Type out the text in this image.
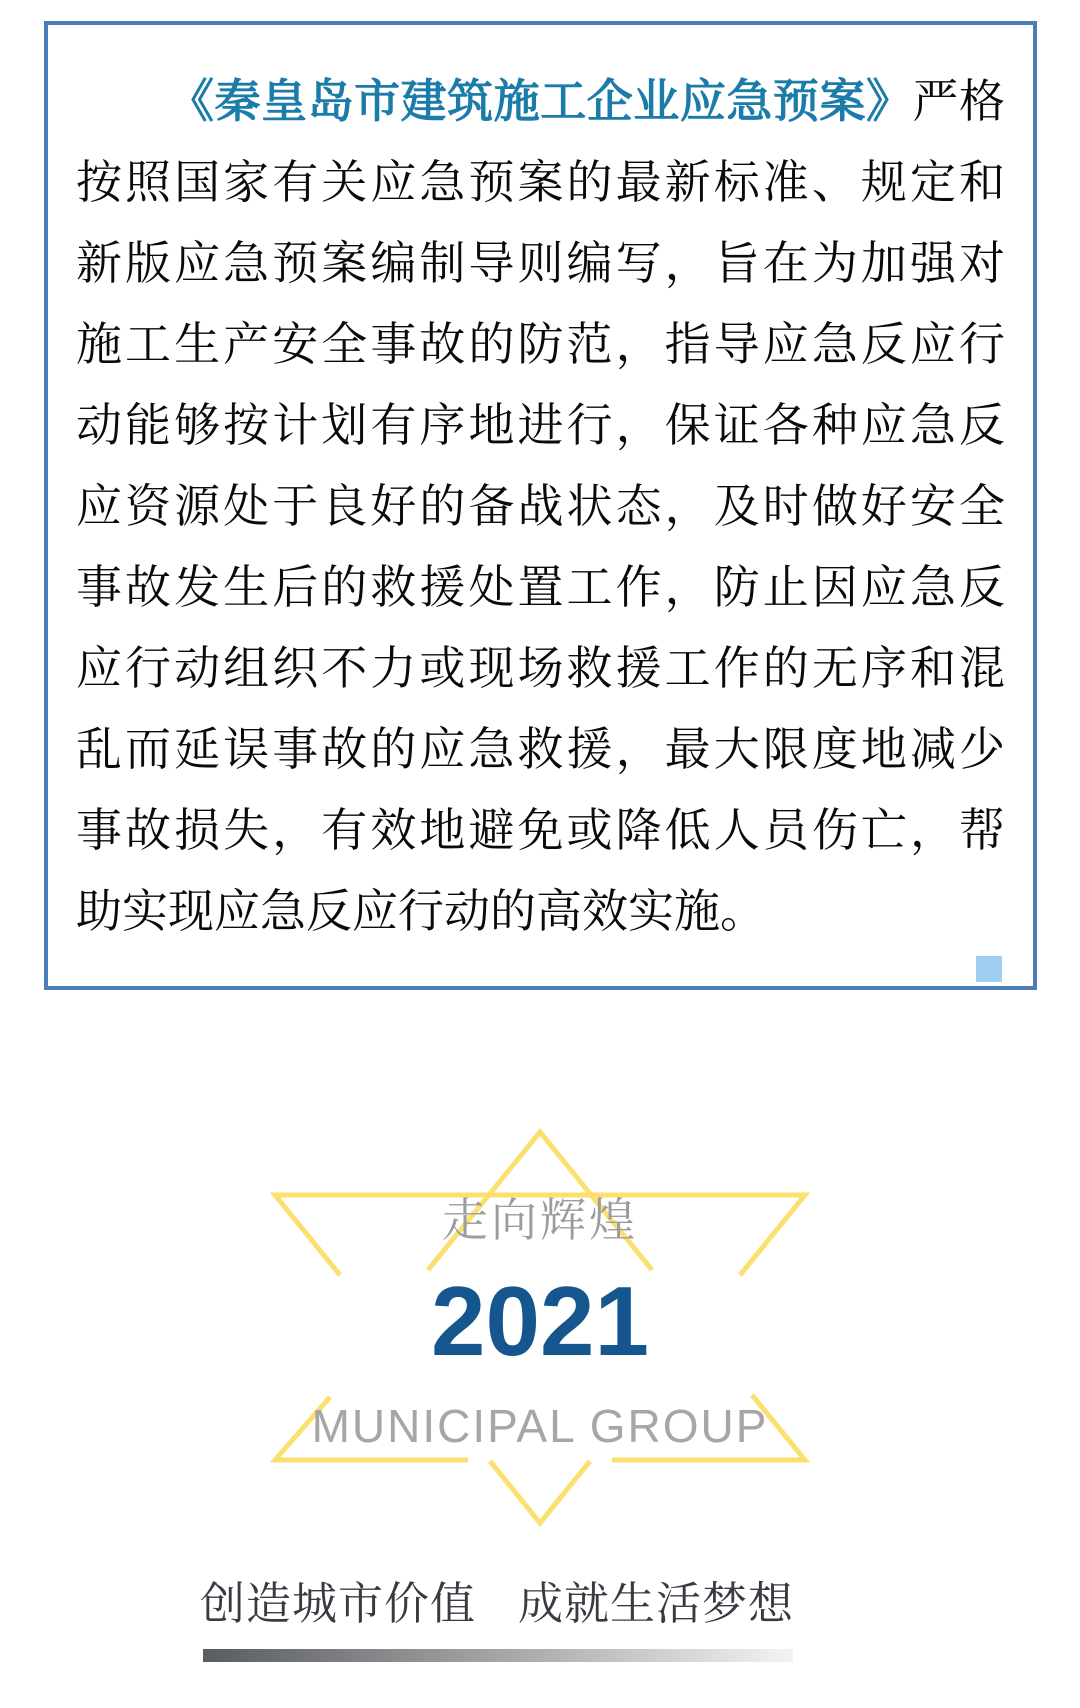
《秦皇岛市建筑施工企业应急预案》严格
按照国家有关应急预案的最新标准、规定和
新版应急预案编制导则编写，旨在为加强对
施工生产安全事故的防范，指导应急反应行
动能够按计划有序地进行，保证各种应急反
应资源处于良好的备战状态，及时做好安全
事故发生后的救援处置工作，防止因应急反
应行动组织不力或现场救援工作的无序和混
乱而延误事故的应急救援，最大限度地减少
事故损失，有效地避免或降低人员伤亡，帮
助实现应急反应行动的高效实施。
走向辉煌
2021
MUNICIPAL GROUP
创造城市价值 成就生活梦想
